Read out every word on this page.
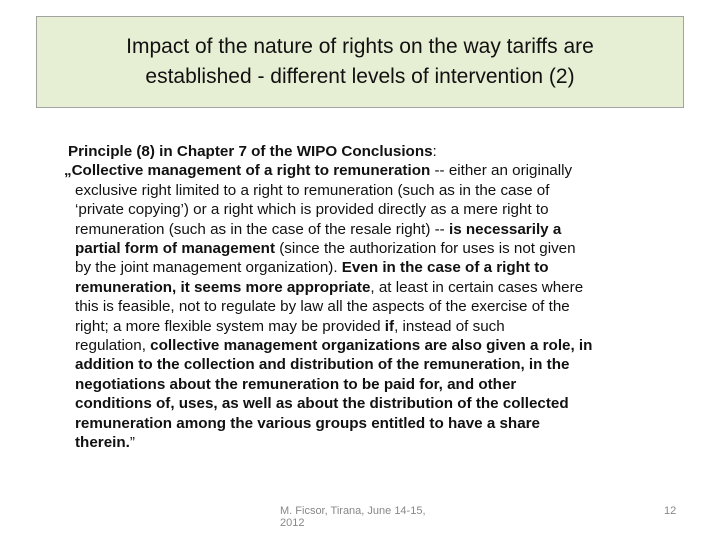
Impact of the nature of rights on the way tariffs are
established - different levels of intervention (2)
Principle (8) in Chapter 7 of the WIPO Conclusions:
„Collective management of a right to remuneration -- either an originally
exclusive right limited to a right to remuneration (such as in the case of
‘private copying’) or a right which is provided directly as a mere right to
remuneration (such as in the case of the resale right) -- is necessarily a
partial form of management (since the authorization for uses is not given
by the joint management organization). Even in the case of a right to
remuneration, it seems more appropriate, at least in certain cases where
this is feasible, not to regulate by law all the aspects of the exercise of the
right; a more flexible system may be provided if, instead of such
regulation, collective management organizations are also given a role, in
addition to the collection and distribution of the remuneration, in the
negotiations about the remuneration to be paid for, and other
conditions of, uses, as well as about the distribution of the collected
remuneration among the various groups entitled to have a share
therein.”
M. Ficsor, Tirana, June 14-15, 2012
12
